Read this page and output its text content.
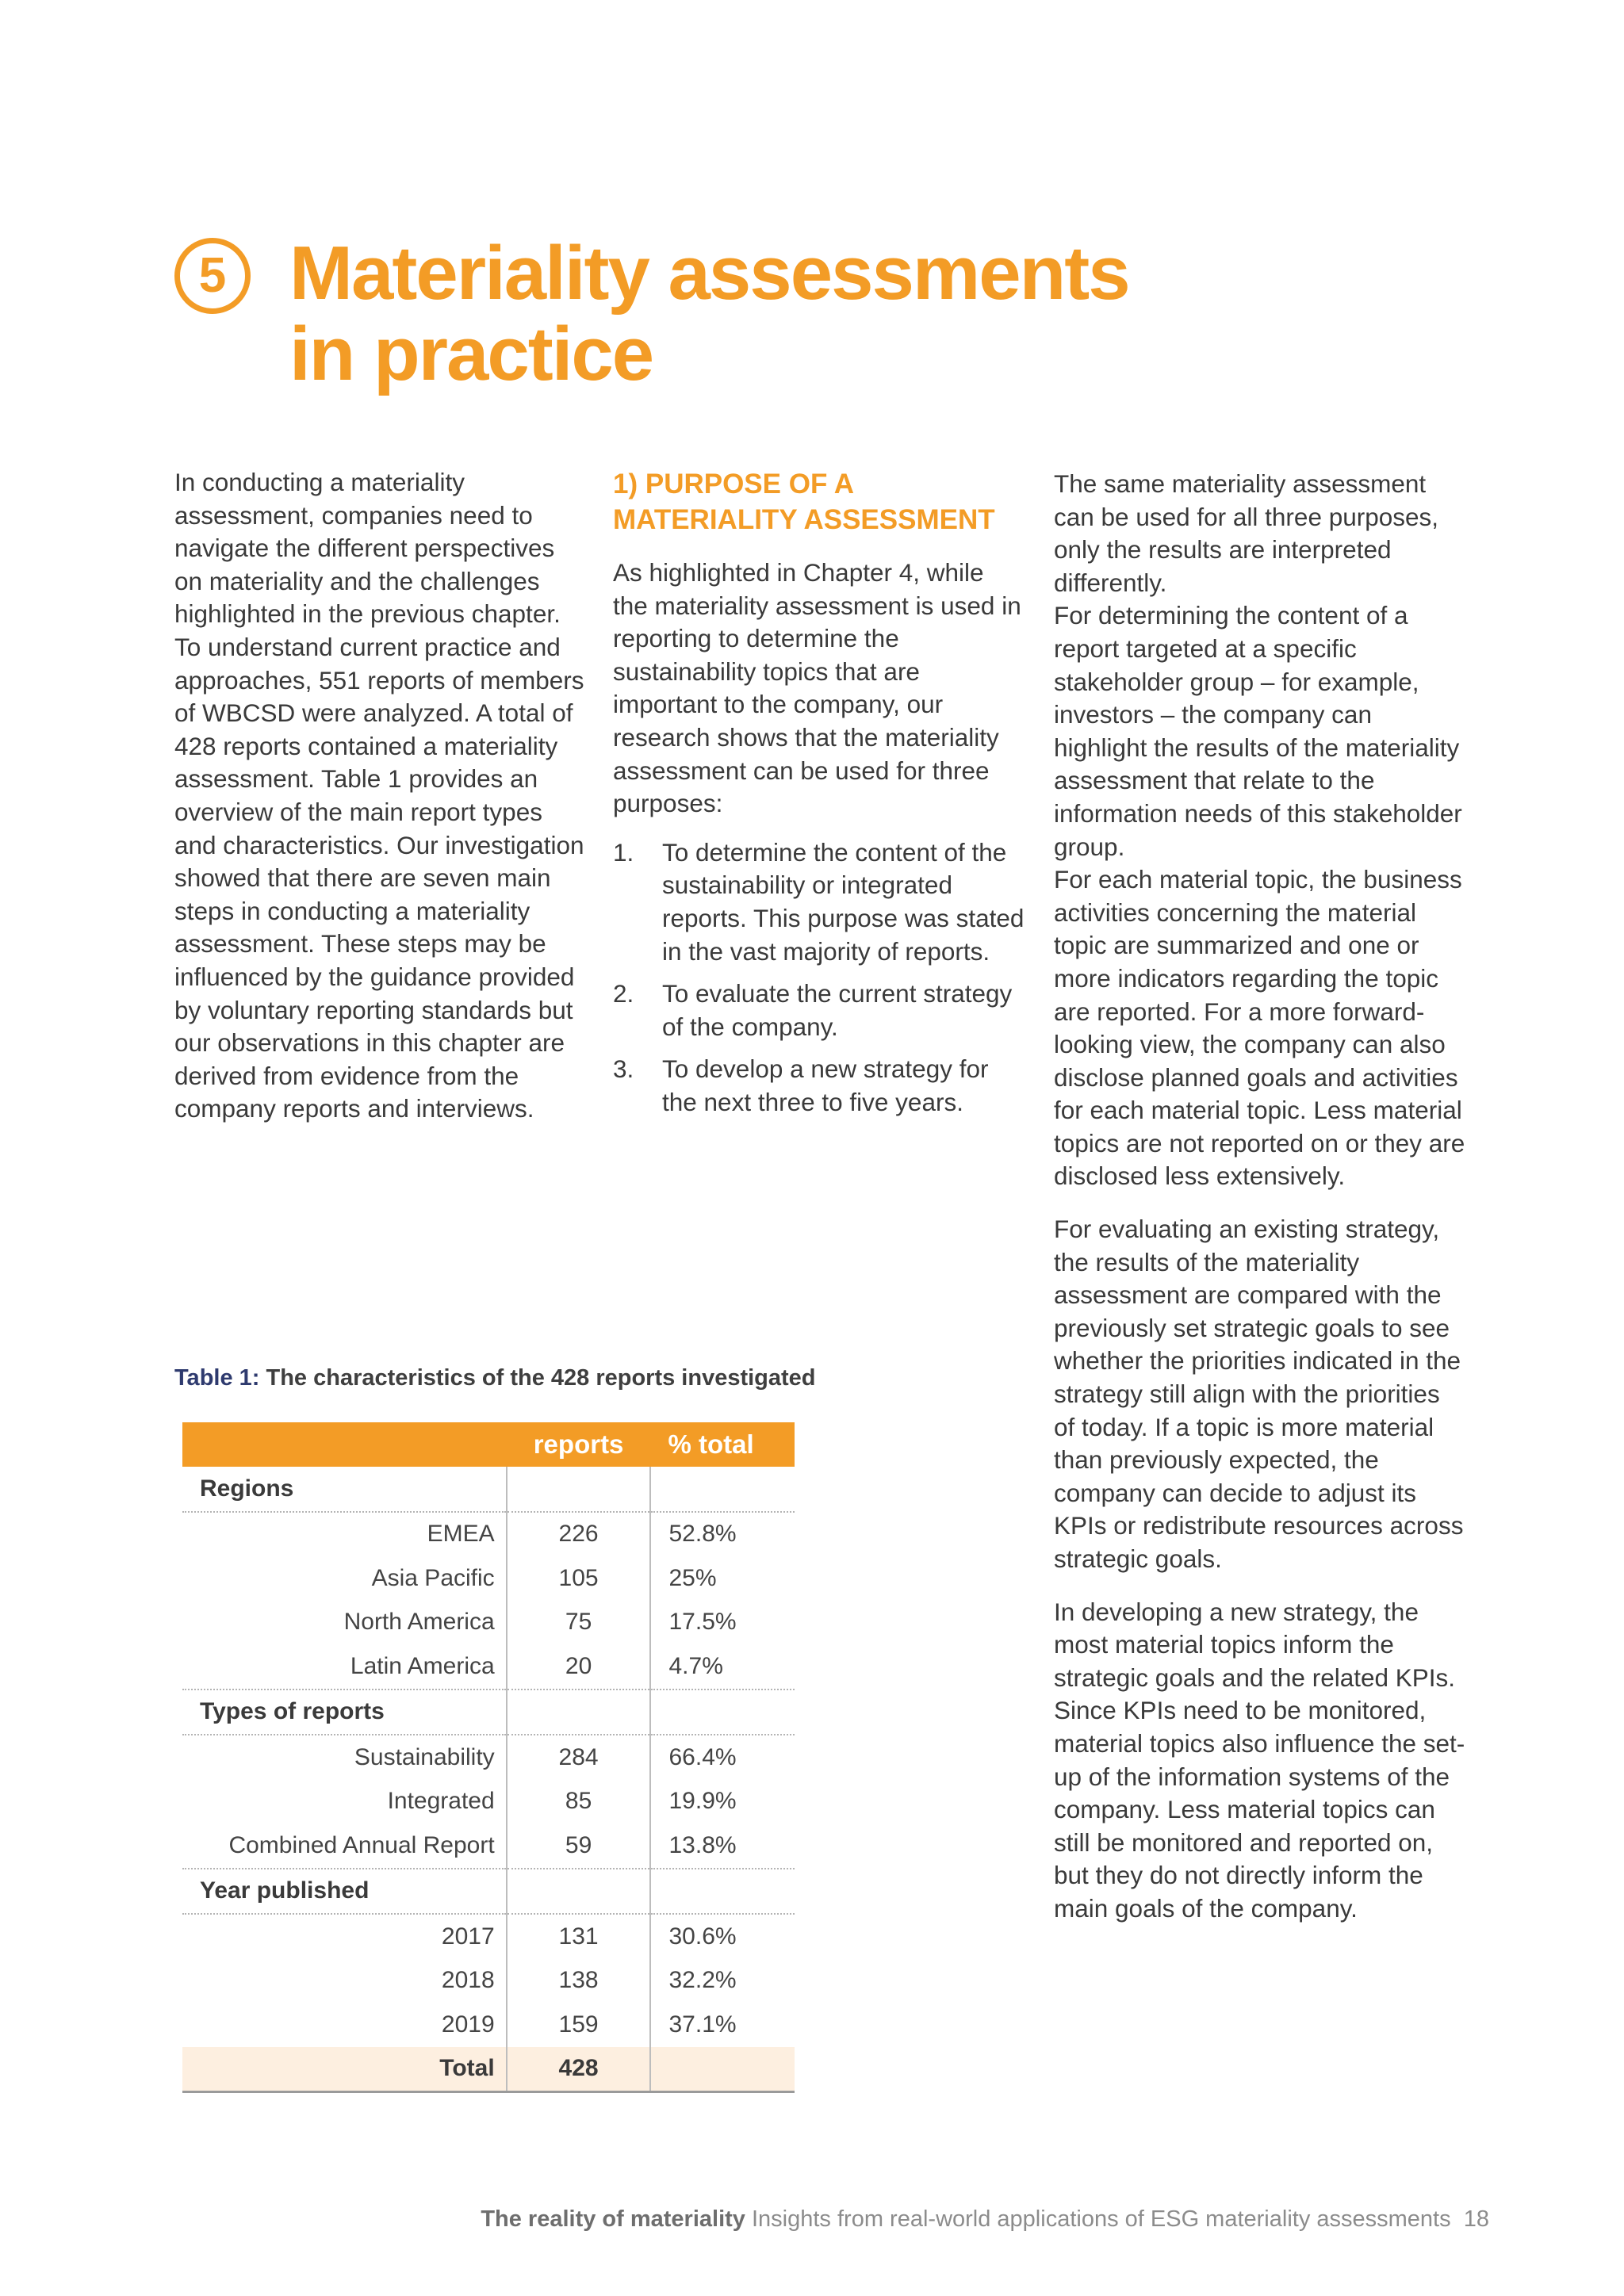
5 Materiality assessments
in practice

In conducting a materiality assessment, companies need to navigate the different perspectives on materiality and the challenges highlighted in the previous chapter. To understand current practice and approaches, 551 reports of members of WBCSD were analyzed. A total of 428 reports contained a materiality assessment. Table 1 provides an overview of the main report types and characteristics. Our investigation showed that there are seven main steps in conducting a materiality assessment. These steps may be influenced by the guidance provided by voluntary reporting standards but our observations in this chapter are derived from evidence from the company reports and interviews.

1) PURPOSE OF A MATERIALITY ASSESSMENT

As highlighted in Chapter 4, while the materiality assessment is used in reporting to determine the sustainability topics that are important to the company, our research shows that the materiality assessment can be used for three purposes:

1. To determine the content of the sustainability or integrated reports. This purpose was stated in the vast majority of reports.
2. To evaluate the current strategy of the company.
3. To develop a new strategy for the next three to five years.

The same materiality assessment can be used for all three purposes, only the results are interpreted differently.

For determining the content of a report targeted at a specific stakeholder group – for example, investors – the company can highlight the results of the materiality assessment that relate to the information needs of this stakeholder group.

For each material topic, the business activities concerning the material topic are summarized and one or more indicators regarding the topic are reported. For a more forward-looking view, the company can also disclose planned goals and activities for each material topic. Less material topics are not reported on or they are disclosed less extensively.

For evaluating an existing strategy, the results of the materiality assessment are compared with the previously set strategic goals to see whether the priorities indicated in the strategy still align with the priorities of today. If a topic is more material than previously expected, the company can decide to adjust its KPIs or redistribute resources across strategic goals.

In developing a new strategy, the most material topics inform the strategic goals and the related KPIs. Since KPIs need to be monitored, material topics also influence the set-up of the information systems of the company. Less material topics can still be monitored and reported on, but they do not directly inform the main goals of the company.

Table 1: The characteristics of the 428 reports investigated

	reports	% total
Regions		
EMEA	226	52.8%
Asia Pacific	105	25%
North America	75	17.5%
Latin America	20	4.7%
Types of reports		
Sustainability	284	66.4%
Integrated	85	19.9%
Combined Annual Report	59	13.8%
Year published		
2017	131	30.6%
2018	138	32.2%
2019	159	37.1%
Total	428	
The reality of materiality Insights from real-world applications of ESG materiality assessments 18
